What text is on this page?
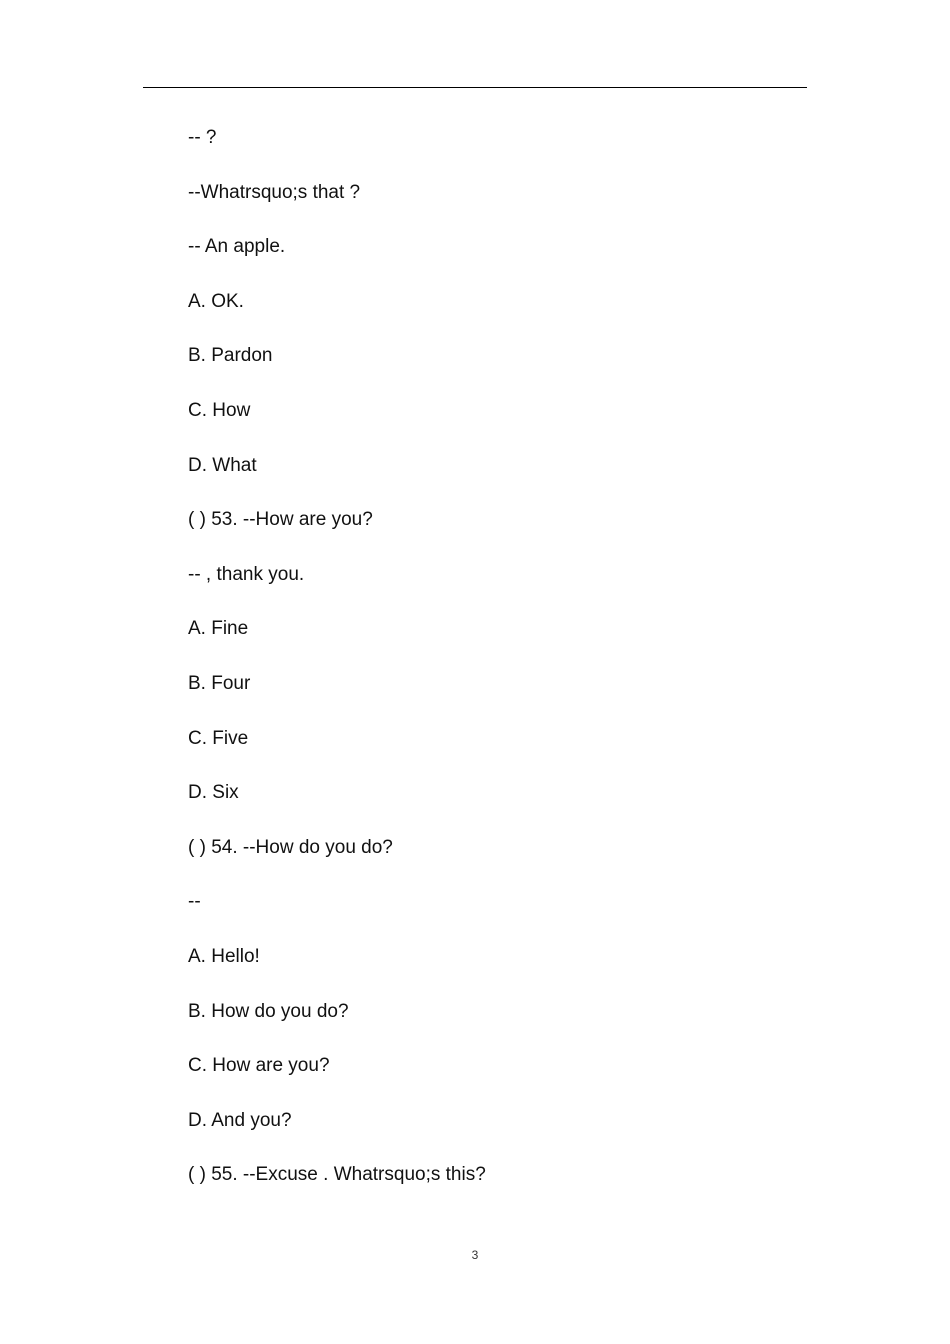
-- ?
--Whatrsquo;s that ?
-- An apple.
A. OK.
B. Pardon
C. How
D. What
( ) 53. --How are you?
-- , thank you.
A. Fine
B. Four
C. Five
D. Six
( ) 54. --How do you do?
--
A. Hello!
B. How do you do?
C. How are you?
D. And you?
( ) 55. --Excuse . Whatrsquo;s this?
3
